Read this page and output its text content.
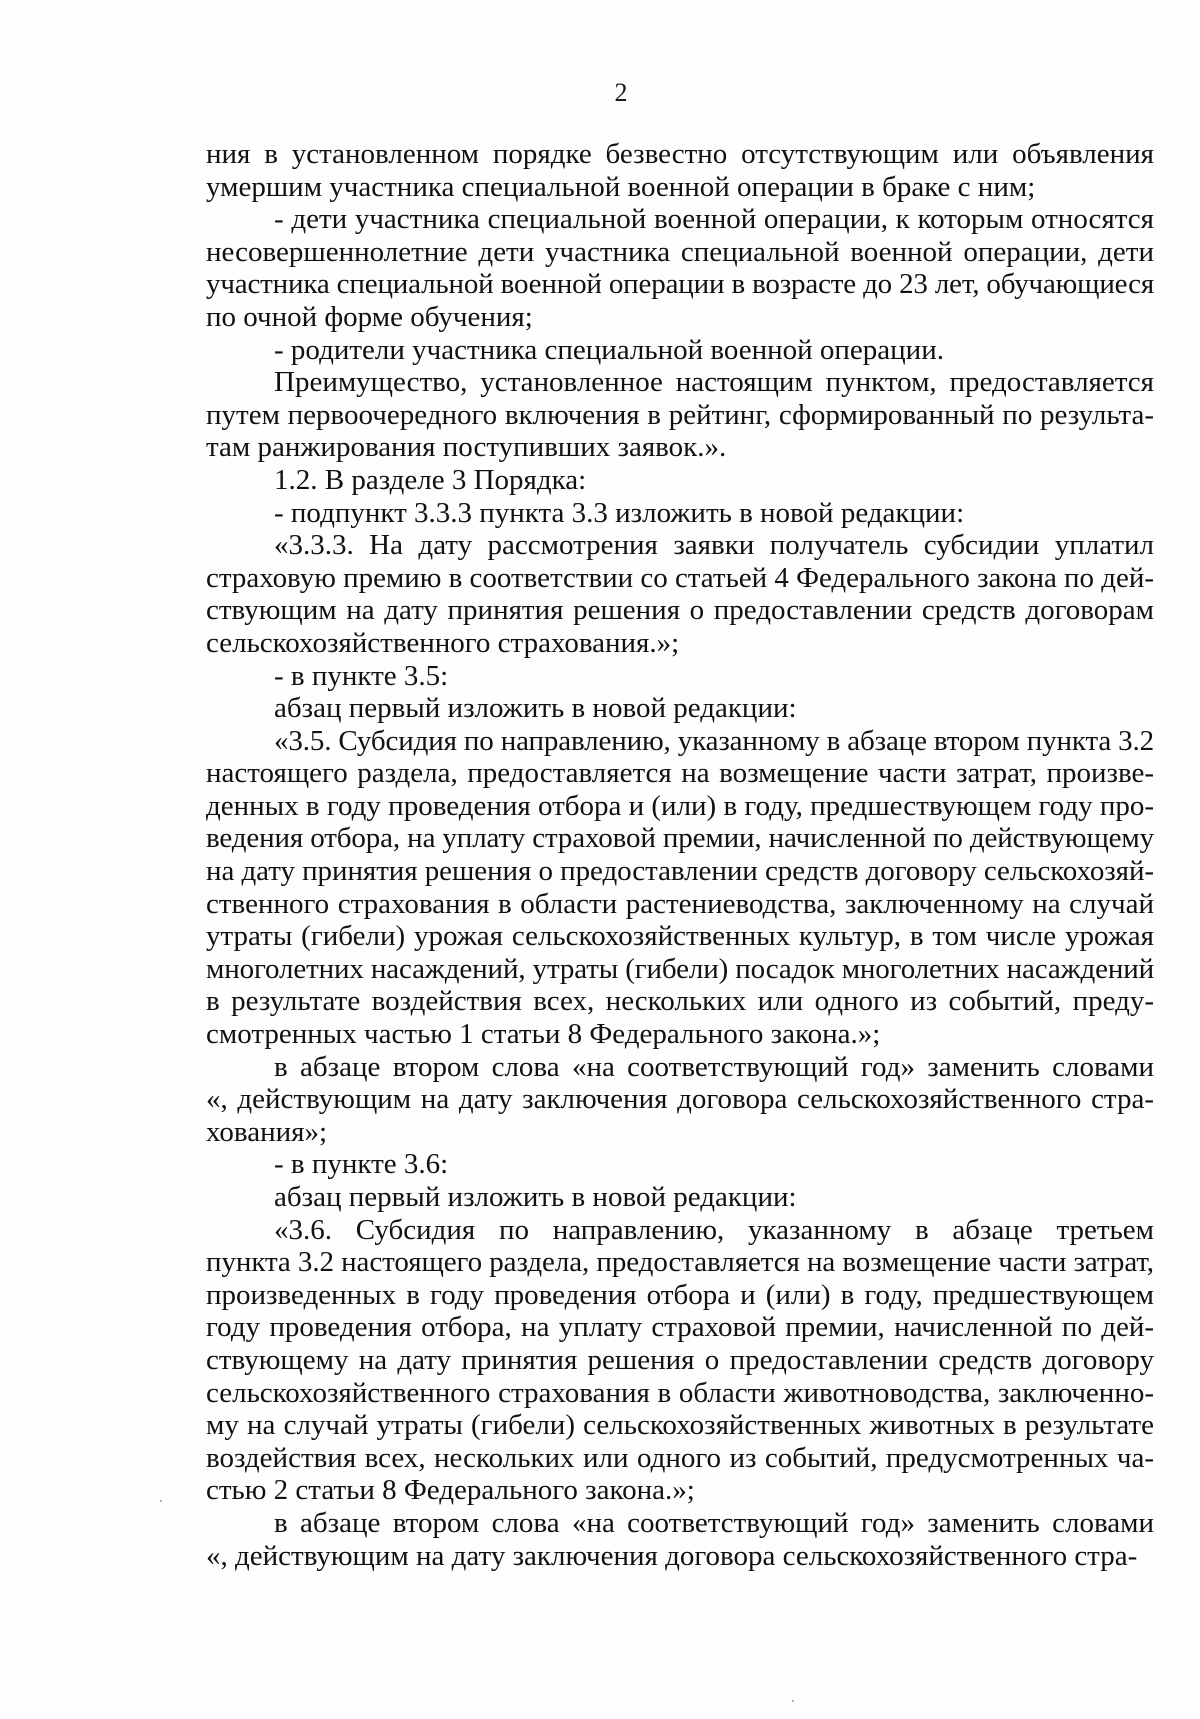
2
ния в установленном порядке безвестно отсутствующим или объявления
умершим участника специальной военной операции в браке с ним;
- дети участника специальной военной операции, к которым относятся
несовершеннолетние дети участника специальной военной операции, дети
участника специальной военной операции в возрасте до 23 лет, обучающиеся
по очной форме обучения;
- родители участника специальной военной операции.
Преимущество, установленное настоящим пунктом, предоставляется
путем первоочередного включения в рейтинг, сформированный по результа-
там ранжирования поступивших заявок.».
1.2. В разделе 3 Порядка:
- подпункт 3.3.3 пункта 3.3 изложить в новой редакции:
«3.3.3. На дату рассмотрения заявки получатель субсидии уплатил
страховую премию в соответствии со статьей 4 Федерального закона по дей-
ствующим на дату принятия решения о предоставлении средств договорам
сельскохозяйственного страхования.»;
- в пункте 3.5:
абзац первый изложить в новой редакции:
«3.5. Субсидия по направлению, указанному в абзаце втором пункта 3.2
настоящего раздела, предоставляется на возмещение части затрат, произве-
денных в году проведения отбора и (или) в году, предшествующем году про-
ведения отбора, на уплату страховой премии, начисленной по действующему
на дату принятия решения о предоставлении средств договору сельскохозяй-
ственного страхования в области растениеводства, заключенному на случай
утраты (гибели) урожая сельскохозяйственных культур, в том числе урожая
многолетних насаждений, утраты (гибели) посадок многолетних насаждений
в результате воздействия всех, нескольких или одного из событий, преду-
смотренных частью 1 статьи 8 Федерального закона.»;
в абзаце втором слова «на соответствующий год» заменить словами
«, действующим на дату заключения договора сельскохозяйственного стра-
хования»;
- в пункте 3.6:
абзац первый изложить в новой редакции:
«3.6. Субсидия по направлению, указанному в абзаце третьем
пункта 3.2 настоящего раздела, предоставляется на возмещение части затрат,
произведенных в году проведения отбора и (или) в году, предшествующем
году проведения отбора, на уплату страховой премии, начисленной по дей-
ствующему на дату принятия решения о предоставлении средств договору
сельскохозяйственного страхования в области животноводства, заключенно-
му на случай утраты (гибели) сельскохозяйственных животных в результате
воздействия всех, нескольких или одного из событий, предусмотренных ча-
стью 2 статьи 8 Федерального закона.»;
в абзаце втором слова «на соответствующий год» заменить словами
«, действующим на дату заключения договора сельскохозяйственного стра-
